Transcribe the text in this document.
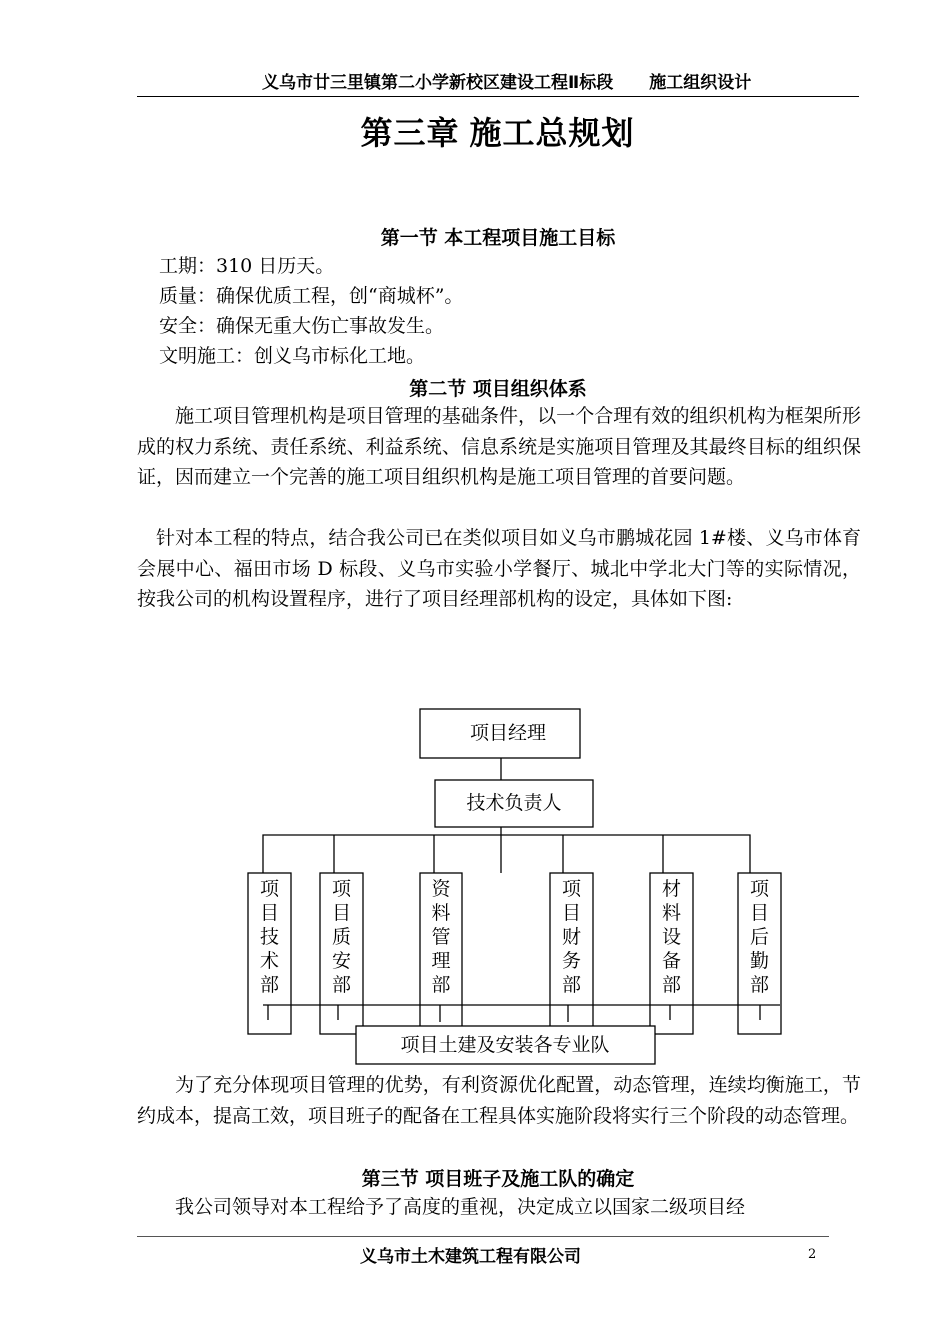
义乌市廿三里镇第二小学新校区建设工程Ⅱ标段 施工组织设计
第三章 施工总规划
第一节 本工程项目施工目标
工期：310 日历天。
质量：确保优质工程，创“商城杯”。
安全：确保无重大伤亡事故发生。
文明施工：创义乌市标化工地。
第二节 项目组织体系
施工项目管理机构是项目管理的基础条件，以一个合理有效的组织机构为框架所形成的权力系统、责任系统、利益系统、信息系统是实施项目管理及其最终目标的组织保证，因而建立一个完善的施工项目组织机构是施工项目管理的首要问题。
针对本工程的特点，结合我公司已在类似项目如义乌市鹏城花园 1#楼、义乌市体育会展中心、福田市场 D 标段、义乌市实验小学餐厅、城北中学北大门等的实际情况，按我公司的机构设置程序，进行了项目经理部机构的设定，具体如下图:
项目经理
技术负责人
项目技术部
项目质安部
资料管理部
项目财务部
材料设备部
项目后勤部
项目土建及安装各专业队
为了充分体现项目管理的优势，有利资源优化配置，动态管理，连续均衡施工，节约成本，提高工效，项目班子的配备在工程具体实施阶段将实行三个阶段的动态管理。
第三节 项目班子及施工队的确定
我公司领导对本工程给予了高度的重视，决定成立以国家二级项目经
义乌市土木建筑工程有限公司	2
